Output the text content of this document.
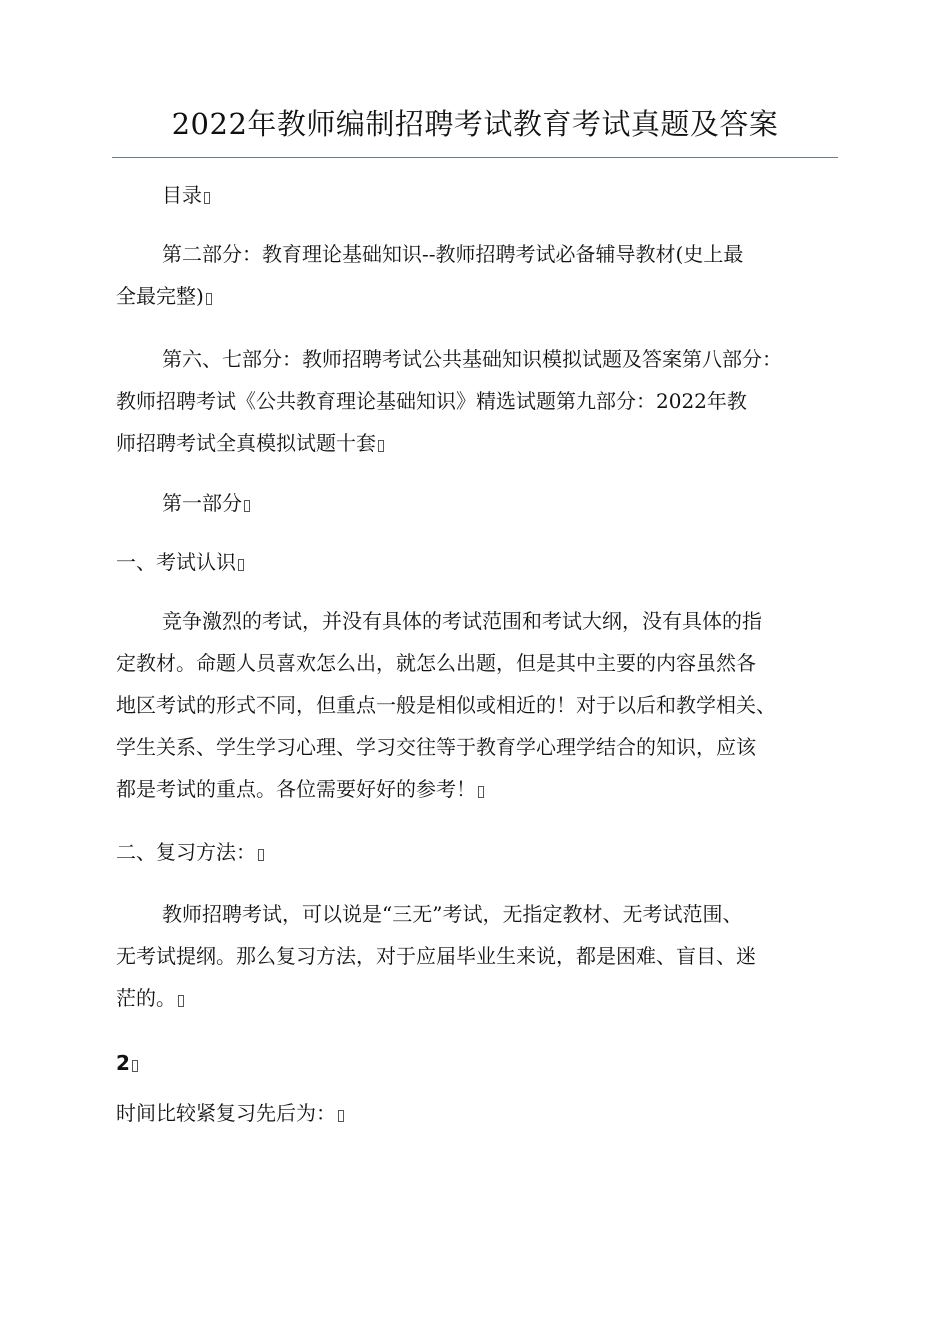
2022年教师编制招聘考试教育考试真题及答案
目录
第二部分：教育理论基础知识--教师招聘考试必备辅导教材(史上最
全最完整)
第六、七部分：教师招聘考试公共基础知识模拟试题及答案第八部分：
教师招聘考试《公共教育理论基础知识》精选试题第九部分：2022年教
师招聘考试全真模拟试题十套
第一部分
一、考试认识
竞争激烈的考试，并没有具体的考试范围和考试大纲，没有具体的指
定教材。命题人员喜欢怎么出，就怎么出题，但是其中主要的内容虽然各
地区考试的形式不同，但重点一般是相似或相近的！对于以后和教学相关、
学生关系、学生学习心理、学习交往等于教育学心理学结合的知识，应该
都是考试的重点。各位需要好好的参考！
二、复习方法：
教师招聘考试，可以说是“三无”考试，无指定教材、无考试范围、
无考试提纲。那么复习方法，对于应届毕业生来说，都是困难、盲目、迷
茫的。
2
时间比较紧复习先后为：
